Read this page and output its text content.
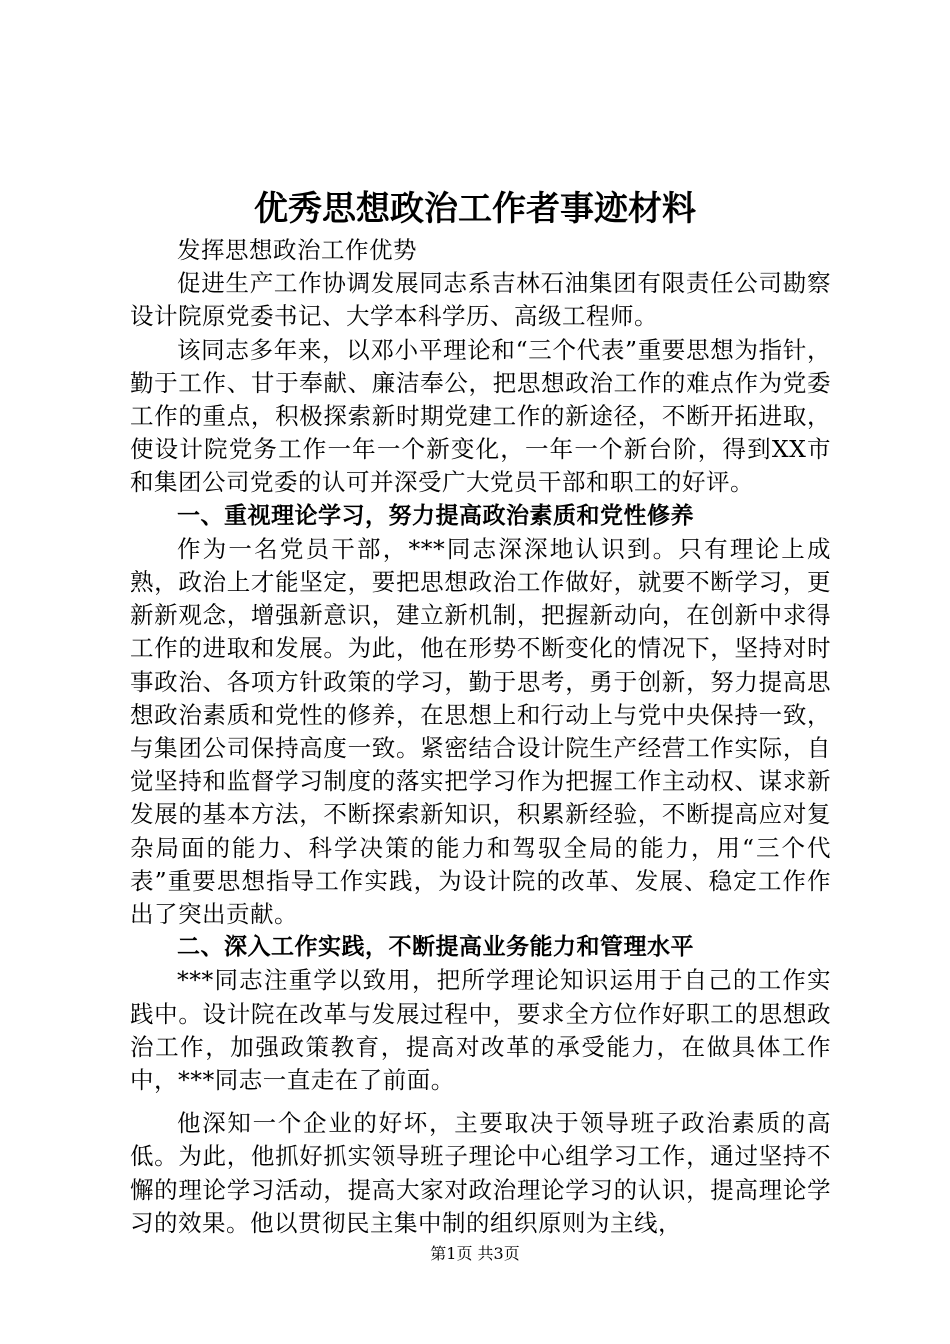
优秀思想政治工作者事迹材料

发挥思想政治工作优势

促进生产工作协调发展同志系吉林石油集团有限责任公司勘察设计院原党委书记、大学本科学历、高级工程师。

该同志多年来，以邓小平理论和“三个代表”重要思想为指针，勤于工作、甘于奉献、廉洁奉公，把思想政治工作的难点作为党委工作的重点，积极探索新时期党建工作的新途径，不断开拓进取，使设计院党务工作一年一个新变化，一年一个新台阶，得到XX市和集团公司党委的认可并深受广大党员干部和职工的好评。

一、重视理论学习，努力提高政治素质和党性修养

作为一名党员干部，***同志深深地认识到。只有理论上成熟，政治上才能坚定，要把思想政治工作做好，就要不断学习，更新新观念，增强新意识，建立新机制，把握新动向，在创新中求得工作的进取和发展。为此，他在形势不断变化的情况下，坚持对时事政治、各项方针政策的学习，勤于思考，勇于创新，努力提高思想政治素质和党性的修养，在思想上和行动上与党中央保持一致，与集团公司保持高度一致。紧密结合设计院生产经营工作实际，自觉坚持和监督学习制度的落实把学习作为把握工作主动权、谋求新发展的基本方法，不断探索新知识，积累新经验，不断提高应对复杂局面的能力、科学决策的能力和驾驭全局的能力，用“三个代表”重要思想指导工作实践，为设计院的改革、发展、稳定工作作出了突出贡献。

二、深入工作实践，不断提高业务能力和管理水平

***同志注重学以致用，把所学理论知识运用于自己的工作实践中。设计院在改革与发展过程中，要求全方位作好职工的思想政治工作，加强政策教育，提高对改革的承受能力，在做具体工作中，***同志一直走在了前面。

他深知一个企业的好坏，主要取决于领导班子政治素质的高低。为此，他抓好抓实领导班子理论中心组学习工作，通过坚持不懈的理论学习活动，提高大家对政治理论学习的认识，提高理论学习的效果。他以贯彻民主集中制的组织原则为主线，

第1页 共3页
